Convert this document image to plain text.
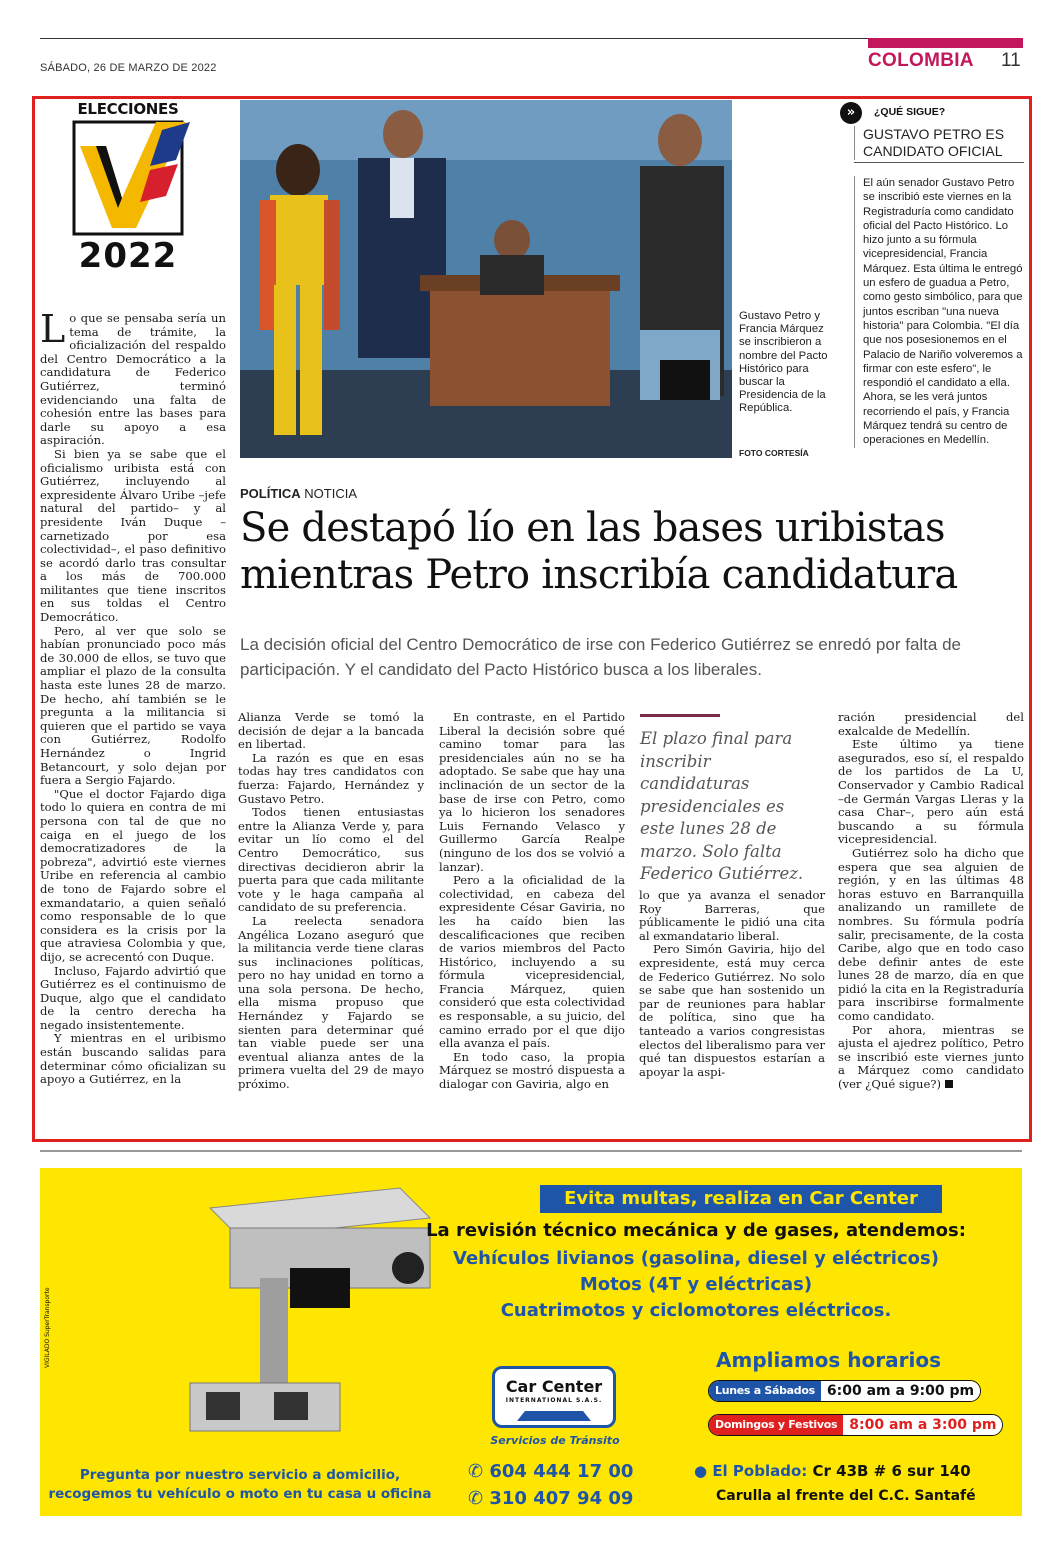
SÁBADO, 26 DE MARZO DE 2022	COLOMBIA 11
ELECCIONES
2022
Gustavo Petro y Francia Márquez se inscribieron a nombre del Pacto Histórico para buscar la Presidencia de la República.
FOTO CORTESÍA
»	¿QUÉ SIGUE?
GUSTAVO PETRO ES CANDIDATO OFICIAL
El aún senador Gustavo Petro se inscribió este viernes en la Registraduría como candidato oficial del Pacto Histórico. Lo hizo junto a su fórmula vicepresidencial, Francia Márquez. Esta última le entregó un esfero de guadua a Petro, como gesto simbólico, para que juntos escriban "una nueva historia" para Colombia. "El día que nos posesionemos en el Palacio de Nariño volveremos a firmar con este esfero", le respondió el candidato a ella. Ahora, se les verá juntos recorriendo el país, y Francia Márquez tendrá su centro de operaciones en Medellín.
POLÍTICA NOTICIA
Se destapó lío en las bases uribistas mientras Petro inscribía candidatura
La decisión oficial del Centro Democrático de irse con Federico Gutiérrez se enredó por falta de participación. Y el candidato del Pacto Histórico busca a los liberales.

Lo que se pensaba sería un tema de trámite, la oficialización del respaldo del Centro Democrático a la candidatura de Federico Gutiérrez, terminó evidenciando una falta de cohesión entre las bases para darle su apoyo a esa aspiración.

Si bien ya se sabe que el oficialismo uribista está con Gutiérrez, incluyendo al expresidente Álvaro Uribe –jefe natural del partido– y al presidente Iván Duque –carnetizado por esa colectividad–, el paso definitivo se acordó darlo tras consultar a los más de 700.000 militantes que tiene inscritos en sus toldas el Centro Democrático.

Pero, al ver que solo se habían pronunciado poco más de 30.000 de ellos, se tuvo que ampliar el plazo de la consulta hasta este lunes 28 de marzo. De hecho, ahí también se le pregunta a la militancia si quieren que el partido se vaya con Gutiérrez, Rodolfo Hernández o Ingrid Betancourt, y solo dejan por fuera a Sergio Fajardo.

"Que el doctor Fajardo diga todo lo quiera en contra de mi persona con tal de que no caiga en el juego de los democratizadores de la pobreza", advirtió este viernes Uribe en referencia al cambio de tono de Fajardo sobre el exmandatario, a quien señaló como responsable de lo que considera es la crisis por la que atraviesa Colombia y que, dijo, se acrecentó con Duque.

Incluso, Fajardo advirtió que Gutiérrez es el continuismo de Duque, algo que el candidato de la centro derecha ha negado insistentemente.

Y mientras en el uribismo están buscando salidas para determinar cómo oficializan su apoyo a Gutiérrez, en la

Alianza Verde se tomó la decisión de dejar a la bancada en libertad.

La razón es que en esas todas hay tres candidatos con fuerza: Fajardo, Hernández y Gustavo Petro.

Todos tienen entusiastas entre la Alianza Verde y, para evitar un lío como el del Centro Democrático, sus directivas decidieron abrir la puerta para que cada militante vote y le haga campaña al candidato de su preferencia.

La reelecta senadora Angélica Lozano aseguró que la militancia verde tiene claras sus inclinaciones políticas, pero no hay unidad en torno a una sola persona. De hecho, ella misma propuso que Hernández y Fajardo se sienten para determinar qué tan viable puede ser una eventual alianza antes de la primera vuelta del 29 de mayo próximo.

En contraste, en el Partido Liberal la decisión sobre qué camino tomar para las presidenciales aún no se ha adoptado. Se sabe que hay una inclinación de un sector de la base de irse con Petro, como ya lo hicieron los senadores Luis Fernando Velasco y Guillermo García Realpe (ninguno de los dos se volvió a lanzar).

Pero a la oficialidad de la colectividad, en cabeza del expresidente César Gaviria, no les ha caído bien las descalificaciones que reciben de varios miembros del Pacto Histórico, incluyendo a su fórmula vicepresidencial, Francia Márquez, quien consideró que esta colectividad es responsable, a su juicio, del camino errado por el que dijo ella avanza el país.

En todo caso, la propia Márquez se mostró dispuesta a dialogar con Gaviria, algo en

El plazo final para inscribir candidaturas presidenciales es este lunes 28 de marzo. Solo falta Federico Gutiérrez.

lo que ya avanza el senador Roy Barreras, que públicamente le pidió una cita al exmandatario liberal.

Pero Simón Gaviria, hijo del expresidente, está muy cerca de Federico Gutiérrez. No solo se sabe que han sostenido un par de reuniones para hablar de política, sino que ha tanteado a varios congresistas electos del liberalismo para ver qué tan dispuestos estarían a apoyar la aspi-

ración presidencial del exalcalde de Medellín.

Este último ya tiene asegurados, eso sí, el respaldo de los partidos de La U, Conservador y Cambio Radical –de Germán Vargas Lleras y la casa Char–, pero aún está buscando a su fórmula vicepresidencial.

Gutiérrez solo ha dicho que espera que sea alguien de región, y en las últimas 48 horas estuvo en Barranquilla analizando un ramillete de nombres. Su fórmula podría salir, precisamente, de la costa Caribe, algo que en todo caso debe definir antes de este lunes 28 de marzo, día en que pidió la cita en la Registraduría para inscribirse formalmente como candidato.

Por ahora, mientras se ajusta el ajedrez político, Petro se inscribió este viernes junto a Márquez como candidato (ver ¿Qué sigue?)

VIGILADO SuperTransporte
Evita multas, realiza en Car Center
La revisión técnico mecánica y de gases, atendemos:
Vehículos livianos (gasolina, diesel y eléctricos)
Motos (4T y eléctricas)
Cuatrimotos y ciclomotores eléctricos.
Car Center
INTERNATIONAL S.A.S.
Servicios de Tránsito
Ampliamos horarios
Lunes a Sábados 6:00 am a 9:00 pm
Domingos y Festivos 8:00 am a 3:00 pm
Pregunta por nuestro servicio a domicilio, recogemos tu vehículo o moto en tu casa u oficina
✆ 604 444 17 00
✆ 310 407 94 09
● El Poblado: Cr 43B # 6 sur 140
Carulla al frente del C.C. Santafé
